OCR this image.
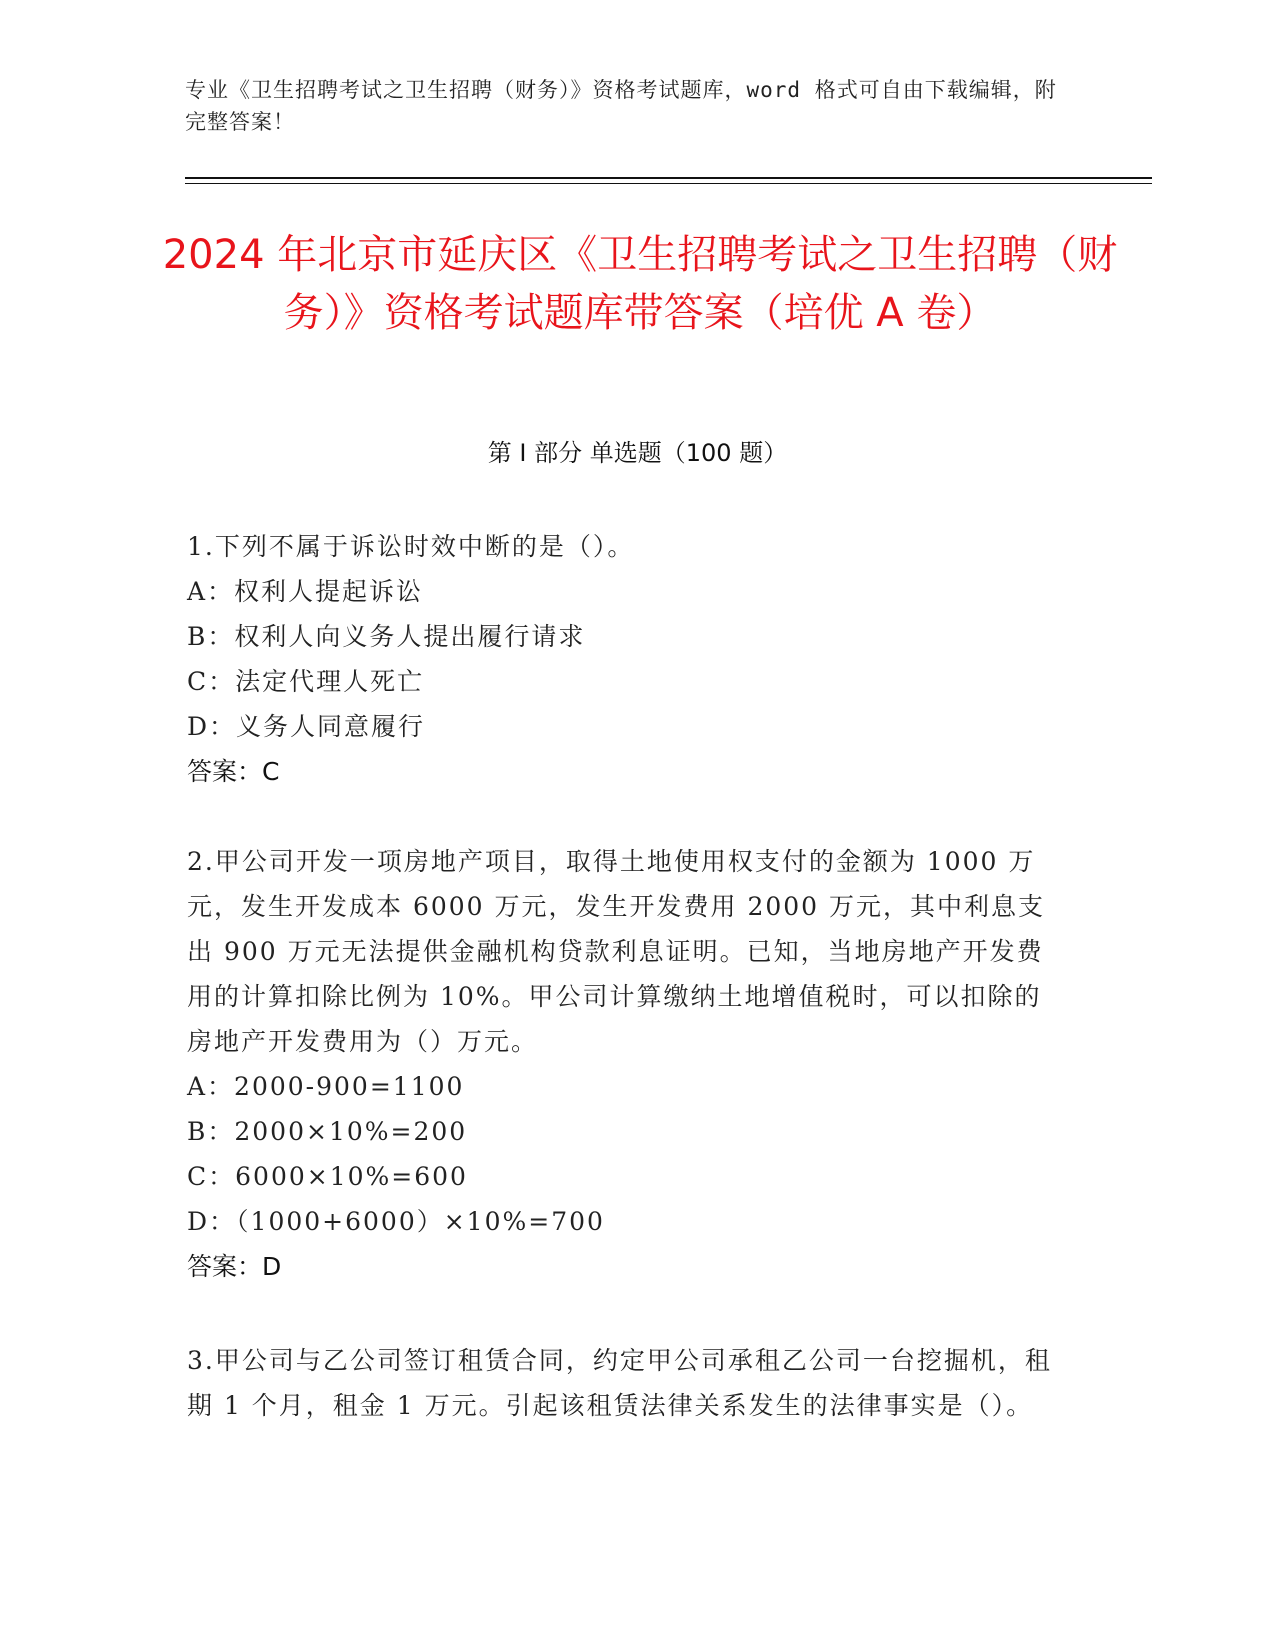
专业《卫生招聘考试之卫生招聘（财务）》资格考试题库，word 格式可自由下载编辑，附完整答案！
2024 年北京市延庆区《卫生招聘考试之卫生招聘（财务）》资格考试题库带答案（培优 A 卷）
第 I 部分 单选题（100 题）
1.下列不属于诉讼时效中断的是（）。
A：权利人提起诉讼
B：权利人向义务人提出履行请求
C：法定代理人死亡
D：义务人同意履行
答案：C
2.甲公司开发一项房地产项目，取得土地使用权支付的金额为 1000 万元，发生开发成本 6000 万元，发生开发费用 2000 万元，其中利息支出 900 万元无法提供金融机构贷款利息证明。已知，当地房地产开发费用的计算扣除比例为 10%。甲公司计算缴纳土地增值税时，可以扣除的房地产开发费用为（）万元。
A：2000-900=1100
B：2000×10%=200
C：6000×10%=600
D：（1000+6000）×10%=700
答案：D
3.甲公司与乙公司签订租赁合同，约定甲公司承租乙公司一台挖掘机，租期 1 个月，租金 1 万元。引起该租赁法律关系发生的法律事实是（）。
